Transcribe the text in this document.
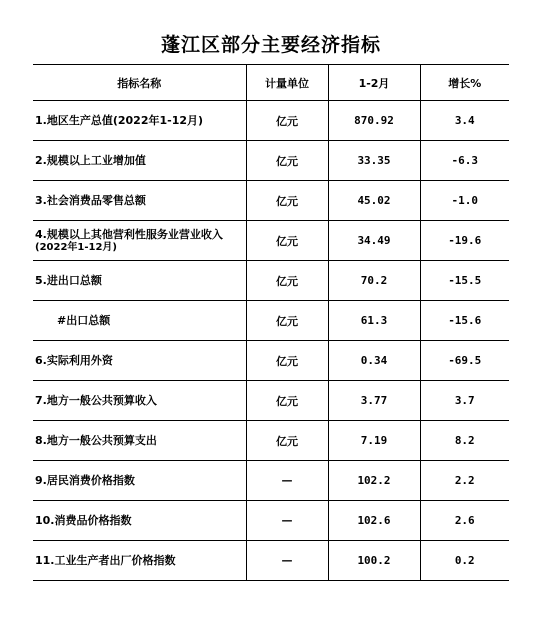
蓬江区部分主要经济指标
指标名称	计量单位	1-2月	增长%
1.地区生产总值(2022年1-12月)	亿元	870.92	3.4
2.规模以上工业增加值	亿元	33.35	-6.3
3.社会消费品零售总额	亿元	45.02	-1.0
4.规模以上其他营利性服务业营业收入
(2022年1-12月)	亿元	34.49	-19.6
5.进出口总额	亿元	70.2	-15.5
#出口总额	亿元	61.3	-15.6
6.实际利用外资	亿元	0.34	-69.5
7.地方一般公共预算收入	亿元	3.77	3.7
8.地方一般公共预算支出	亿元	7.19	8.2
9.居民消费价格指数	—	102.2	2.2
10.消费品价格指数	—	102.6	2.6
11.工业生产者出厂价格指数	—	100.2	0.2
